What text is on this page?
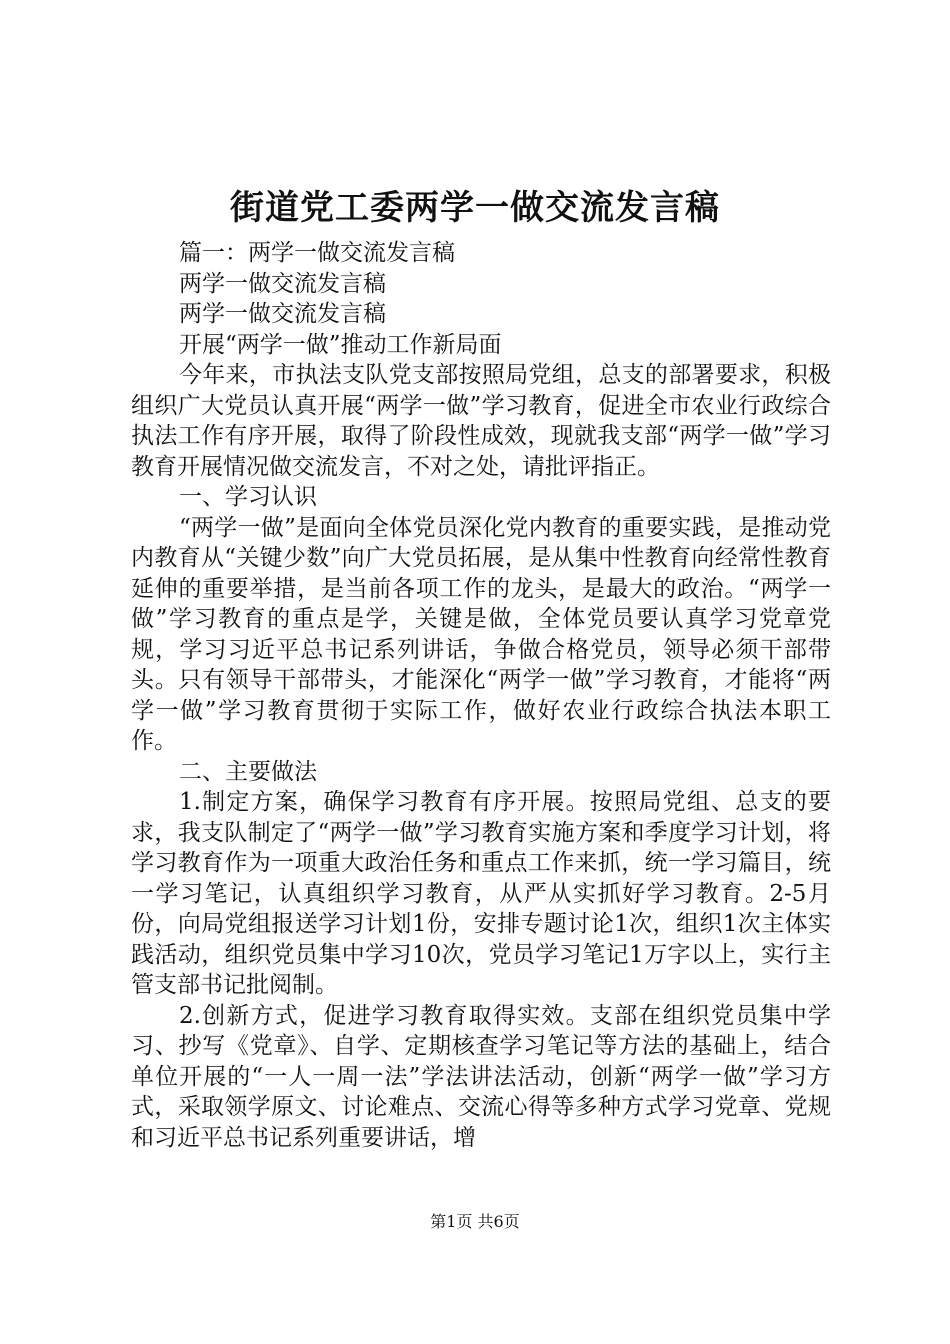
街道党工委两学一做交流发言稿

篇一：两学一做交流发言稿

两学一做交流发言稿

两学一做交流发言稿

开展“两学一做”推动工作新局面

今年来，市执法支队党支部按照局党组，总支的部署要求，积极组织广大党员认真开展“两学一做”学习教育，促进全市农业行政综合执法工作有序开展，取得了阶段性成效，现就我支部“两学一做”学习教育开展情况做交流发言，不对之处，请批评指正。

一、学习认识

“两学一做”是面向全体党员深化党内教育的重要实践，是推动党内教育从“关键少数”向广大党员拓展，是从集中性教育向经常性教育延伸的重要举措，是当前各项工作的龙头，是最大的政治。“两学一做”学习教育的重点是学，关键是做，全体党员要认真学习党章党规，学习习近平总书记系列讲话，争做合格党员，领导必须干部带头。只有领导干部带头，才能深化“两学一做”学习教育，才能将“两学一做”学习教育贯彻于实际工作，做好农业行政综合执法本职工作。

二、主要做法

1.制定方案，确保学习教育有序开展。按照局党组、总支的要求，我支队制定了“两学一做”学习教育实施方案和季度学习计划，将学习教育作为一项重大政治任务和重点工作来抓，统一学习篇目，统一学习笔记，认真组织学习教育，从严从实抓好学习教育。2-5月份，向局党组报送学习计划1份，安排专题讨论1次，组织1次主体实践活动，组织党员集中学习10次，党员学习笔记1万字以上，实行主管支部书记批阅制。

2.创新方式，促进学习教育取得实效。支部在组织党员集中学习、抄写《党章》、自学、定期核查学习笔记等方法的基础上，结合单位开展的“一人一周一法”学法讲法活动，创新“两学一做”学习方式，采取领学原文、讨论难点、交流心得等多种方式学习党章、党规和习近平总书记系列重要讲话，增

第1页 共6页
